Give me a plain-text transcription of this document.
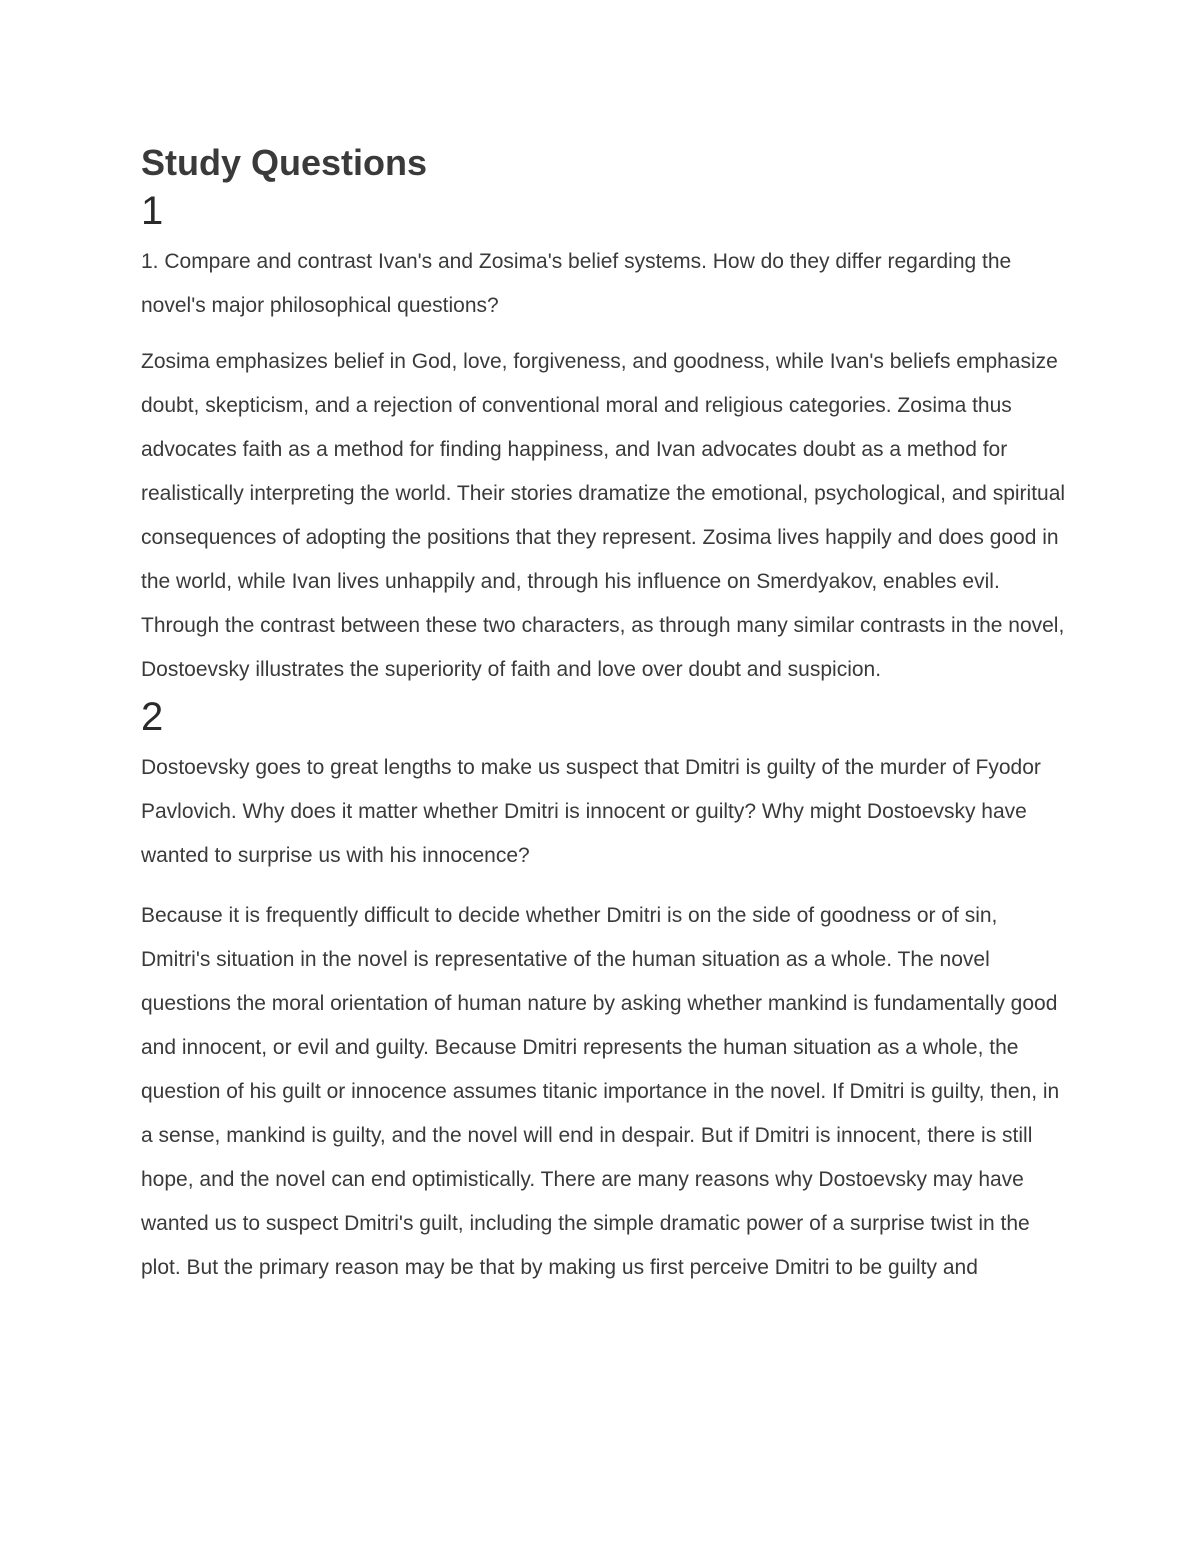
Study Questions
1

1. Compare and contrast Ivan's and Zosima's belief systems. How do they differ regarding the novel's major philosophical questions?

Zosima emphasizes belief in God, love, forgiveness, and goodness, while Ivan's beliefs emphasize doubt, skepticism, and a rejection of conventional moral and religious categories. Zosima thus advocates faith as a method for finding happiness, and Ivan advocates doubt as a method for realistically interpreting the world. Their stories dramatize the emotional, psychological, and spiritual consequences of adopting the positions that they represent. Zosima lives happily and does good in the world, while Ivan lives unhappily and, through his influence on Smerdyakov, enables evil. Through the contrast between these two characters, as through many similar contrasts in the novel, Dostoevsky illustrates the superiority of faith and love over doubt and suspicion.

2

Dostoevsky goes to great lengths to make us suspect that Dmitri is guilty of the murder of Fyodor Pavlovich. Why does it matter whether Dmitri is innocent or guilty? Why might Dostoevsky have wanted to surprise us with his innocence?

Because it is frequently difficult to decide whether Dmitri is on the side of goodness or of sin, Dmitri's situation in the novel is representative of the human situation as a whole. The novel questions the moral orientation of human nature by asking whether mankind is fundamentally good and innocent, or evil and guilty. Because Dmitri represents the human situation as a whole, the question of his guilt or innocence assumes titanic importance in the novel. If Dmitri is guilty, then, in a sense, mankind is guilty, and the novel will end in despair. But if Dmitri is innocent, there is still hope, and the novel can end optimistically. There are many reasons why Dostoevsky may have wanted us to suspect Dmitri's guilt, including the simple dramatic power of a surprise twist in the plot. But the primary reason may be that by making us first perceive Dmitri to be guilty and
